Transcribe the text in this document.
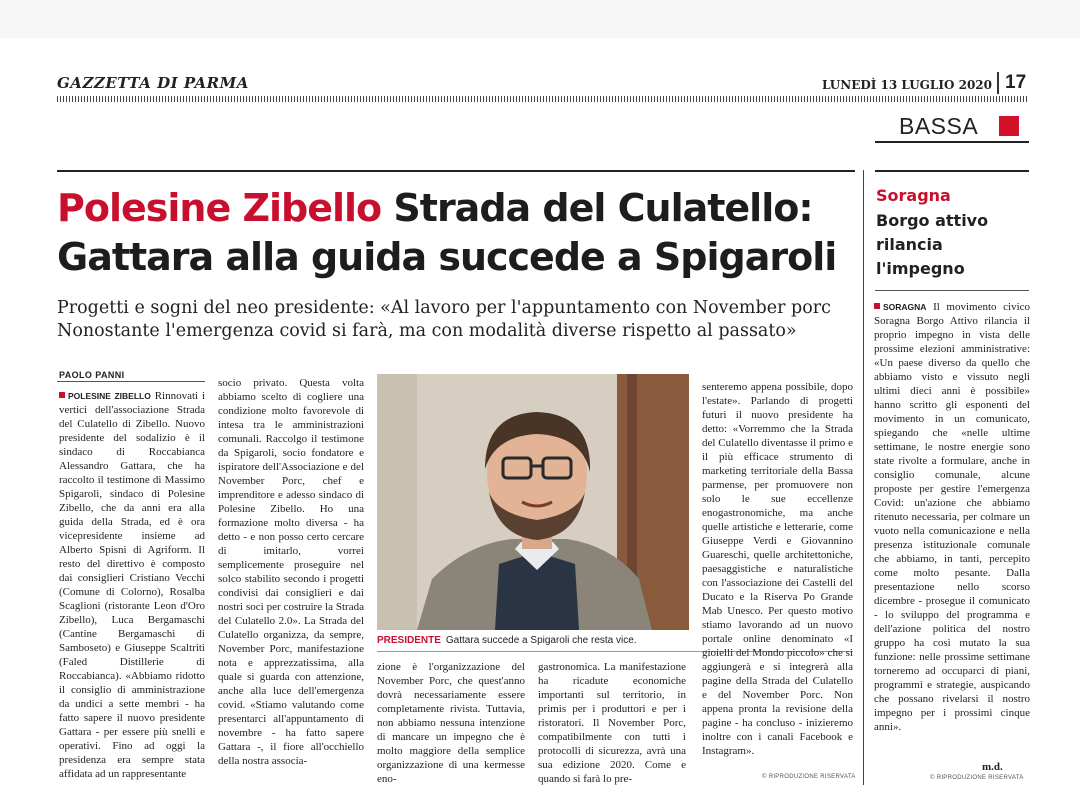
GAZZETTA DI PARMA	LUNEDÌ 13 LUGLIO 2020 17
BASSA
Polesine Zibello Strada del Culatello:
Gattara alla guida succede a Spigaroli
Progetti e sogni del neo presidente: «Al lavoro per l'appuntamento con November porc
Nonostante l'emergenza covid si farà, ma con modalità diverse rispetto al passato»
PAOLO PANNI
POLESINE ZIBELLO Rinnovati i vertici dell'associazione Strada del Culatello di Zibello. Nuovo presidente del sodalizio è il sindaco di Roccabianca Alessandro Gattara, che ha raccolto il testimone di Massimo Spigaroli, sindaco di Polesine Zibello, che da anni era alla guida della Strada, ed è ora vicepresidente insieme ad Alberto Spisni di Agriform. Il resto del direttivo è composto dai consiglieri Cristiano Vecchi (Comune di Colorno), Rosalba Scaglioni (ristorante Leon d'Oro Zibello), Luca Bergamaschi (Cantine Bergamaschi di Samboseto) e Giuseppe Scaltriti (Faled Distillerie di Roccabianca). «Abbiamo ridotto il consiglio di amministrazione da undici a sette membri - ha fatto sapere il nuovo presidente Gattara - per essere più snelli e operativi. Fino ad oggi la presidenza era sempre stata affidata ad un rappresentante
socio privato. Questa volta abbiamo scelto di cogliere una condizione molto favorevole di intesa tra le amministrazioni comunali. Raccolgo il testimone da Spigaroli, socio fondatore e ispiratore dell'Associazione e del November Porc, chef e imprenditore e adesso sindaco di Polesine Zibello. Ho una formazione molto diversa - ha detto - e non posso certo cercare di imitarlo, vorrei semplicemente proseguire nel solco stabilito secondo i progetti condivisi dai consiglieri e dai nostri soci per costruire la Strada del Culatello 2.0». La Strada del Culatello organizza, da sempre, November Porc, manifestazione nota e apprezzatissima, alla quale si guarda con attenzione, anche alla luce dell'emergenza covid. «Stiamo valutando come presentarci all'appuntamento di novembre - ha fatto sapere Gattara -, il fiore all'occhiello della nostra associa-
PRESIDENTE Gattara succede a Spigaroli che resta vice.
zione è l'organizzazione del November Porc, che quest'anno dovrà necessariamente essere completamente rivista. Tuttavia, non abbiamo nessuna intenzione di mancare un impegno che è molto maggiore della semplice organizzazione di una kermesse eno-
gastronomica. La manifestazione ha ricadute economiche importanti sul territorio, in primis per i produttori e per i ristoratori. Il November Porc, compatibilmente con tutti i protocolli di sicurezza, avrà una sua edizione 2020. Come e quando si farà lo pre-
senteremo appena possibile, dopo l'estate». Parlando di progetti futuri il nuovo presidente ha detto: «Vorremmo che la Strada del Culatello diventasse il primo e il più efficace strumento di marketing territoriale della Bassa parmense, per promuovere non solo le sue eccellenze enogastronomiche, ma anche quelle artistiche e letterarie, come Giuseppe Verdi e Giovannino Guareschi, quelle architettoniche, paesaggistiche e naturalistiche con l'associazione dei Castelli del Ducato e la Riserva Po Grande Mab Unesco. Per questo motivo stiamo lavorando ad un nuovo portale online denominato «I gioielli del Mondo piccolo» che si aggiungerà e si integrerà alla pagine della Strada del Culatello e del November Porc. Non appena pronta la revisione della pagine - ha concluso - inizieremo inoltre con i canali Facebook e Instagram».
© RIPRODUZIONE RISERVATA
Soragna
Borgo attivo rilancia l'impegno
SORAGNA Il movimento civico Soragna Borgo Attivo rilancia il proprio impegno in vista delle prossime elezioni amministrative: «Un paese diverso da quello che abbiamo visto e vissuto negli ultimi dieci anni è possibile» hanno scritto gli esponenti del movimento in un comunicato, spiegando che «nelle ultime settimane, le nostre energie sono state rivolte a formulare, anche in consiglio comunale, alcune proposte per gestire l'emergenza Covid: un'azione che abbiamo ritenuto necessaria, per colmare un vuoto nella comunicazione e nella presenza istituzionale comunale che abbiamo, in tanti, percepito come molto pesante. Dalla presentazione nello scorso dicembre - prosegue il comunicato - lo sviluppo del programma e dell'azione politica del nostro gruppo ha così mutato la sua funzione: nelle prossime settimane torneremo ad occuparci di piani, programmi e strategie, auspicando che possano rivelarsi il nostro impegno per i prossimi cinque anni».
m.d.
© RIPRODUZIONE RISERVATA
